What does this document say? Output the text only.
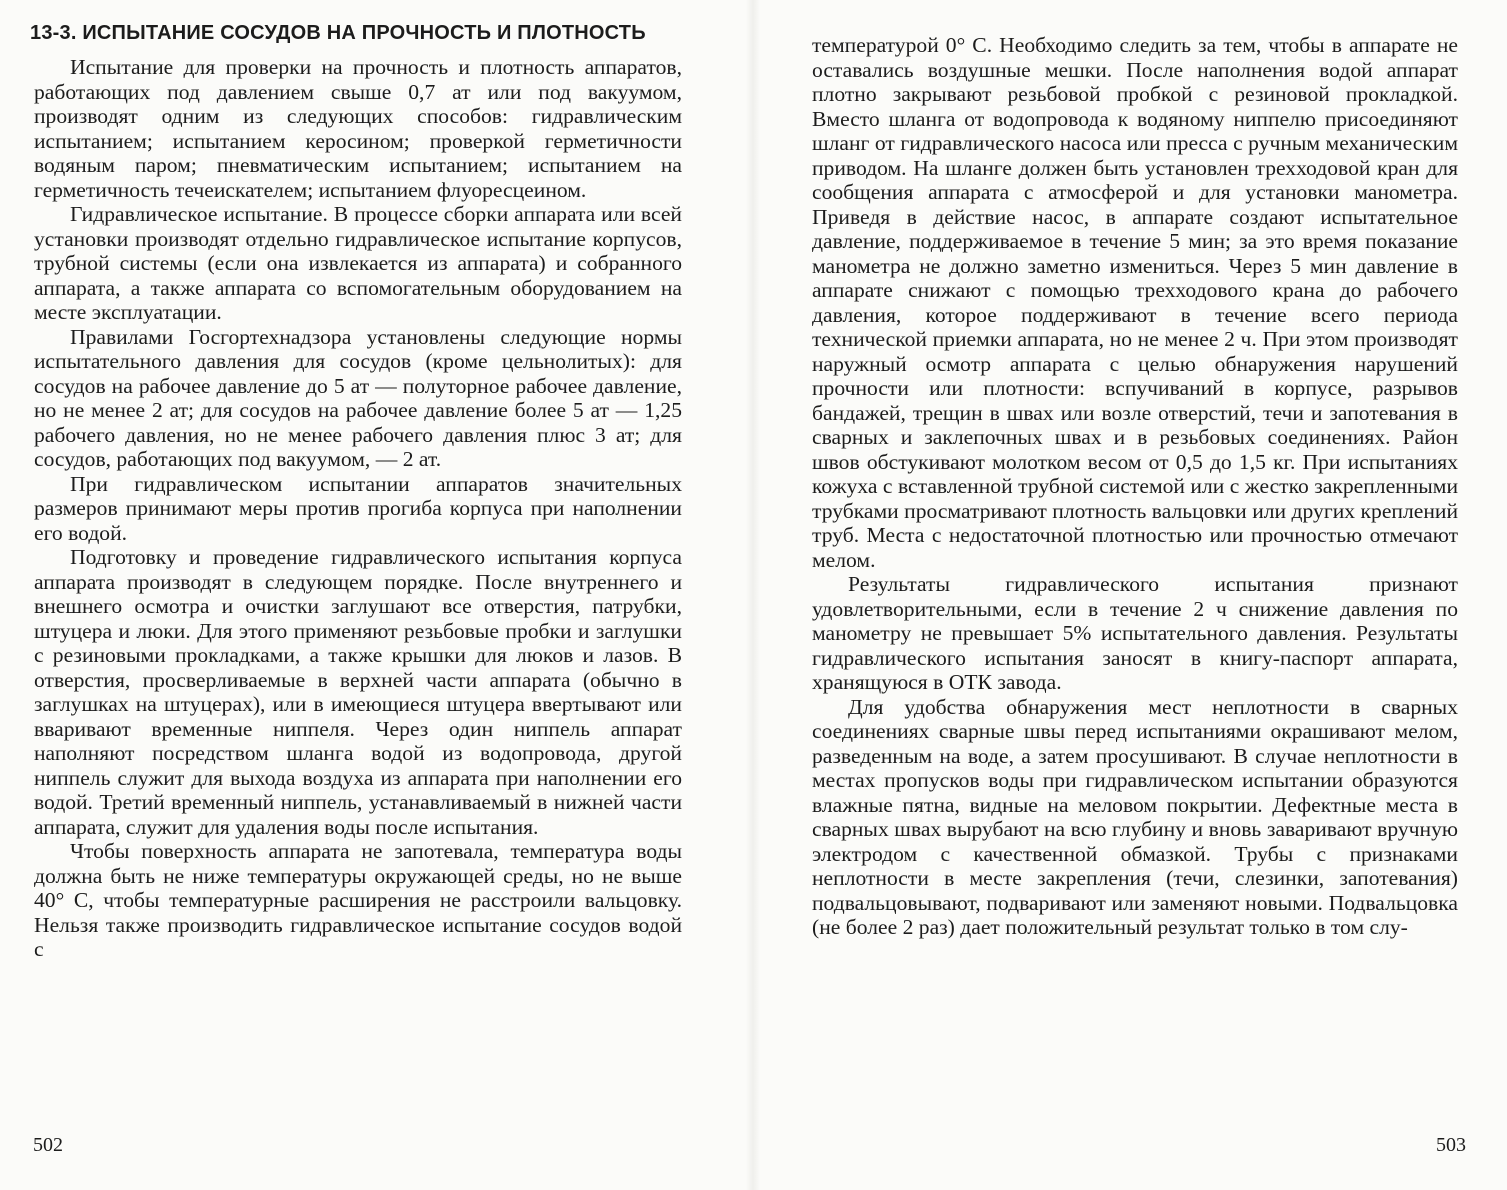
13-3. ИСПЫТАНИЕ СОСУДОВ НА ПРОЧНОСТЬ И ПЛОТНОСТЬ

Испытание для проверки на прочность и плотность аппаратов, работающих под давлением свыше 0,7 ат или под вакуумом, производят одним из следующих способов: гидравлическим испытанием; испытанием керосином; проверкой герметичности водяным паром; пневматическим испытанием; испытанием на герметичность течеискателем; испытанием флуоресцеином.

Гидравлическое испытание. В процессе сборки аппарата или всей установки производят отдельно гидравлическое испытание корпусов, трубной системы (если она извлекается из аппарата) и собранного аппарата, а также аппарата со вспомогательным оборудованием на месте эксплуатации.

Правилами Госгортехнадзора установлены следующие нормы испытательного давления для сосудов (кроме цельнолитых): для сосудов на рабочее давление до 5 ат — полуторное рабочее давление, но не менее 2 ат; для сосудов на рабочее давление более 5 ат — 1,25 рабочего давления, но не менее рабочего давления плюс 3 ат; для сосудов, работающих под вакуумом, — 2 ат.

При гидравлическом испытании аппаратов значительных размеров принимают меры против прогиба корпуса при наполнении его водой.

Подготовку и проведение гидравлического испытания корпуса аппарата производят в следующем порядке. После внутреннего и внешнего осмотра и очистки заглушают все отверстия, патрубки, штуцера и люки. Для этого применяют резьбовые пробки и заглушки с резиновыми прокладками, а также крышки для люков и лазов. В отверстия, просверливаемые в верхней части аппарата (обычно в заглушках на штуцерах), или в имеющиеся штуцера ввертывают или вваривают временные ниппеля. Через один ниппель аппарат наполняют посредством шланга водой из водопровода, другой ниппель служит для выхода воздуха из аппарата при наполнении его водой. Третий временный ниппель, устанавливаемый в нижней части аппарата, служит для удаления воды после испытания.

Чтобы поверхность аппарата не запотевала, температура воды должна быть не ниже температуры окружающей среды, но не выше 40° С, чтобы температурные расширения не расстроили вальцовку. Нельзя также производить гидравлическое испытание сосудов водой с

502

температурой 0° С. Необходимо следить за тем, чтобы в аппарате не оставались воздушные мешки. После наполнения водой аппарат плотно закрывают резьбовой пробкой с резиновой прокладкой. Вместо шланга от водопровода к водяному ниппелю присоединяют шланг от гидравлического насоса или пресса с ручным механическим приводом. На шланге должен быть установлен трехходовой кран для сообщения аппарата с атмосферой и для установки манометра. Приведя в действие насос, в аппарате создают испытательное давление, поддерживаемое в течение 5 мин; за это время показание манометра не должно заметно измениться. Через 5 мин давление в аппарате снижают с помощью трехходового крана до рабочего давления, которое поддерживают в течение всего периода технической приемки аппарата, но не менее 2 ч. При этом производят наружный осмотр аппарата с целью обнаружения нарушений прочности или плотности: вспучиваний в корпусе, разрывов бандажей, трещин в швах или возле отверстий, течи и запотевания в сварных и заклепочных швах и в резьбовых соединениях. Район швов обстукивают молотком весом от 0,5 до 1,5 кг. При испытаниях кожуха с вставленной трубной системой или с жестко закрепленными трубками просматривают плотность вальцовки или других креплений труб. Места с недостаточной плотностью или прочностью отмечают мелом.

Результаты гидравлического испытания признают удовлетворительными, если в течение 2 ч снижение давления по манометру не превышает 5% испытательного давления. Результаты гидравлического испытания заносят в книгу-паспорт аппарата, хранящуюся в ОТК завода.

Для удобства обнаружения мест неплотности в сварных соединениях сварные швы перед испытаниями окрашивают мелом, разведенным на воде, а затем просушивают. В случае неплотности в местах пропусков воды при гидравлическом испытании образуются влажные пятна, видные на меловом покрытии. Дефектные места в сварных швах вырубают на всю глубину и вновь заваривают вручную электродом с качественной обмазкой. Трубы с признаками неплотности в месте закрепления (течи, слезинки, запотевания) подвальцовывают, подваривают или заменяют новыми. Подвальцовка (не более 2 раз) дает положительный результат только в том слу-

503
